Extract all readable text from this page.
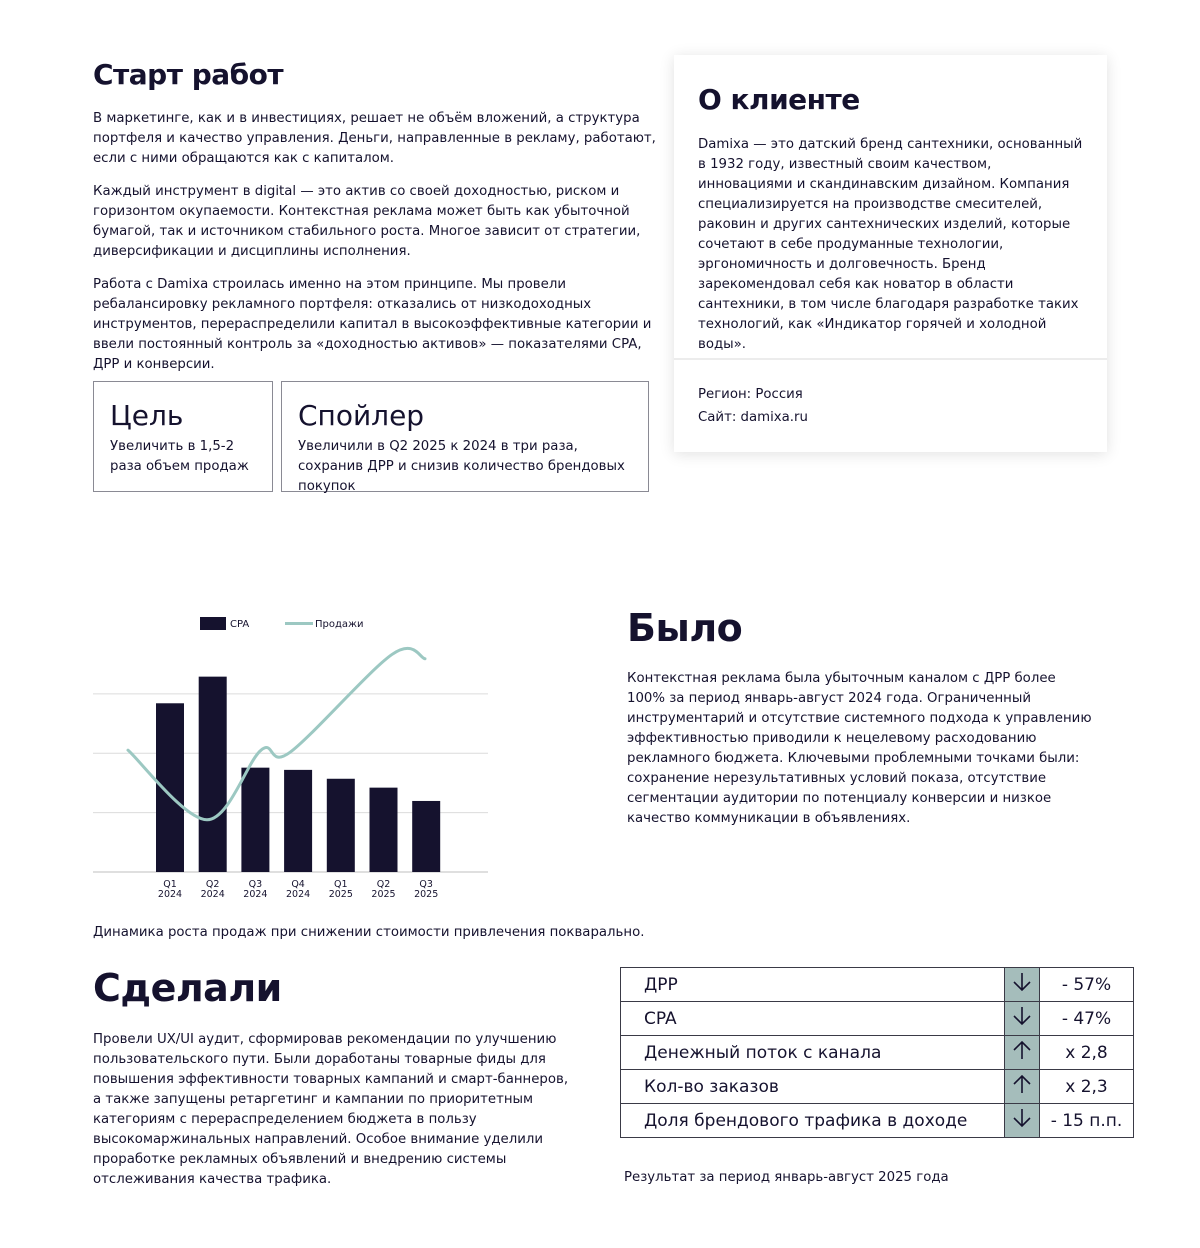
Старт работ

В маркетинге, как и в инвестициях, решает не объём вложений, а структура портфеля и качество управления. Деньги, направленные в рекламу, работают, если с ними обращаются как с капиталом.

Каждый инструмент в digital — это актив со своей доходностью, риском и горизонтом окупаемости. Контекстная реклама может быть как убыточной бумагой, так и источником стабильного роста. Многое зависит от стратегии, диверсификации и дисциплины исполнения.

Работа с Damixa строилась именно на этом принципе. Мы провели ребалансировку рекламного портфеля: отказались от низкодоходных инструментов, перераспределили капитал в высокоэффективные категории и ввели постоянный контроль за «доходностью активов» — показателями CPA, ДРР и конверсии.

Цель

Увеличить в 1,5-2 раза объем продаж

Спойлер

Увеличили в Q2 2025 к 2024 в три раза, сохранив ДРР и снизив количество брендовых покупок

О клиенте

Damixa — это датский бренд сантехники, основанный в 1932 году, известный своим качеством, инновациями и скандинавским дизайном. Компания специализируется на производстве смесителей, раковин и других сантехнических изделий, которые сочетают в себе продуманные технологии, эргономичность и долговечность. Бренд зарекомендовал себя как новатор в области сантехники, в том числе благодаря разработке таких технологий, как «Индикатор горячей и холодной воды».

Регион: Россия

Сайт: damixa.ru

Q1 2024
Q2 2024
Q3 2024
Q4 2024
Q1 2025
Q2 2025
Q3 2025
CPA	Продажи

Динамика роста продаж при снижении стоимости привлечения покварально.

Было

Контекстная реклама была убыточным каналом с ДРР более 100% за период январь-август 2024 года. Ограниченный инструментарий и отсутствие системного подхода к управлению эффективностью приводили к нецелевому расходованию рекламного бюджета. Ключевыми проблемными точками были: сохранение нерезультативных условий показа, отсутствие сегментации аудитории по потенциалу конверсии и низкое качество коммуникации в объявлениях.

Сделали

Провели UX/UI аудит, сформировав рекомендации по улучшению пользовательского пути. Были доработаны товарные фиды для повышения эффективности товарных кампаний и смарт-баннеров, а также запущены ретаргетинг и кампании по приоритетным категориям с перераспределением бюджета в пользу высокомаржинальных направлений. Особое внимание уделили проработке рекламных объявлений и внедрению системы отслеживания качества трафика.

ДРР		- 57%
CPA		- 47%
Денежный поток с канала		х 2,8
Кол-во заказов		х 2,3
Доля брендового трафика в доходе		- 15 п.п.

Результат за период январь-август 2025 года
